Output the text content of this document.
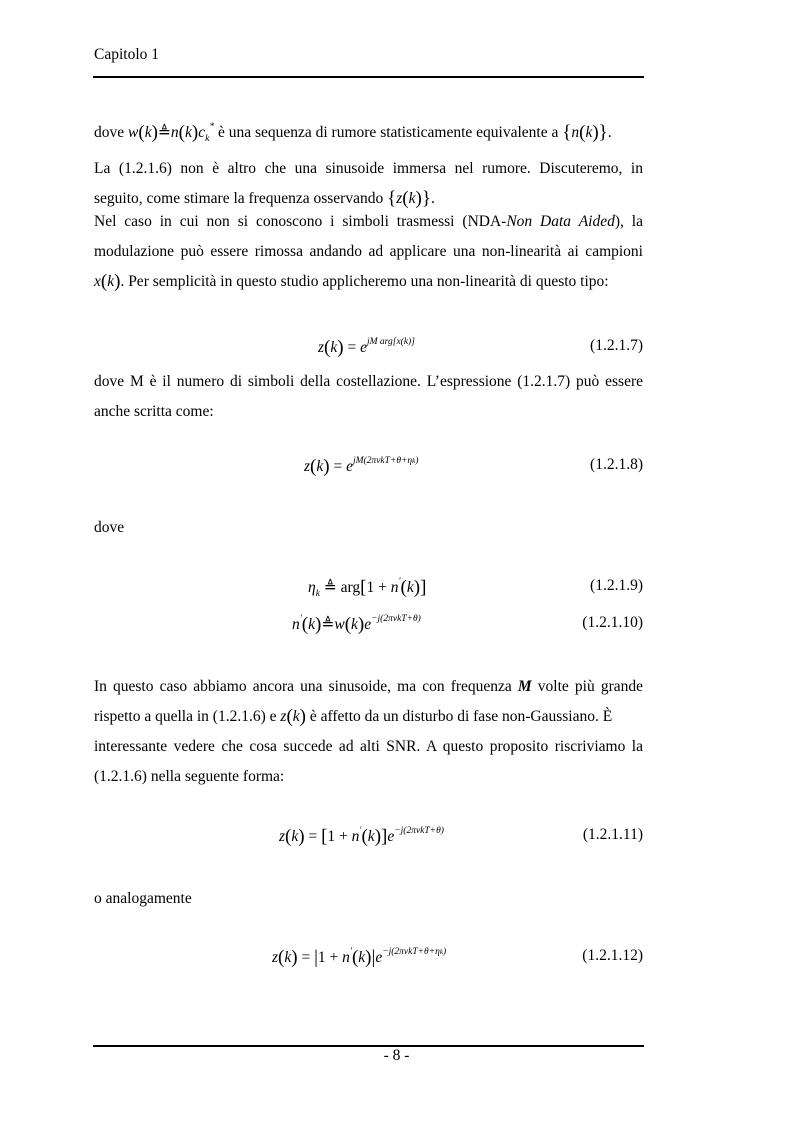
Capitolo 1
dove $w(k)≜n(k)c_k^*$ è una sequenza di rumore statisticamente equivalente a {n(k)}.
La (1.2.1.6) non è altro che una sinusoide immersa nel rumore. Discuteremo, in
seguito, come stimare la frequenza osservando {z(k)}.
Nel caso in cui non si conoscono i simboli trasmessi (NDA-Non Data Aided), la
modulazione può essere rimossa andando ad applicare una non-linearità ai campioni
x(k). Per semplicità in questo studio applicheremo una non-linearità di questo tipo:
$z(k) = e^{jM arg[x(k)]}$	(1.2.1.7)
dove M è il numero di simboli della costellazione. L’espressione (1.2.1.7) può essere
anche scritta come:
$z(k) = e^{jM(2\pi\nu kT+\theta+\eta k)}$	(1.2.1.8)
dove
$\eta_k$ ≜ arg[1 + n'(k)]	(1.2.1.9)
$n'(k)≜w(k)e^{-j(2\pi\nu kT+\theta)}$	(1.2.1.10)
In questo caso abbiamo ancora una sinusoide, ma con frequenza M volte più grande
rispetto a quella in (1.2.1.6) e z(k) è affetto da un disturbo di fase non-Gaussiano. È
interessante vedere che cosa succede ad alti SNR. A questo proposito riscriviamo la
(1.2.1.6) nella seguente forma:
$z(k) = [1 + n'(k)]e^{-j(2\pi\nu kT+\theta)}$	(1.2.1.11)
o analogamente
$z(k) = |1 + n'(k)|e^{-j(2\pi\nu kT+\theta+\eta k)}$	(1.2.1.12)
- 8 -
